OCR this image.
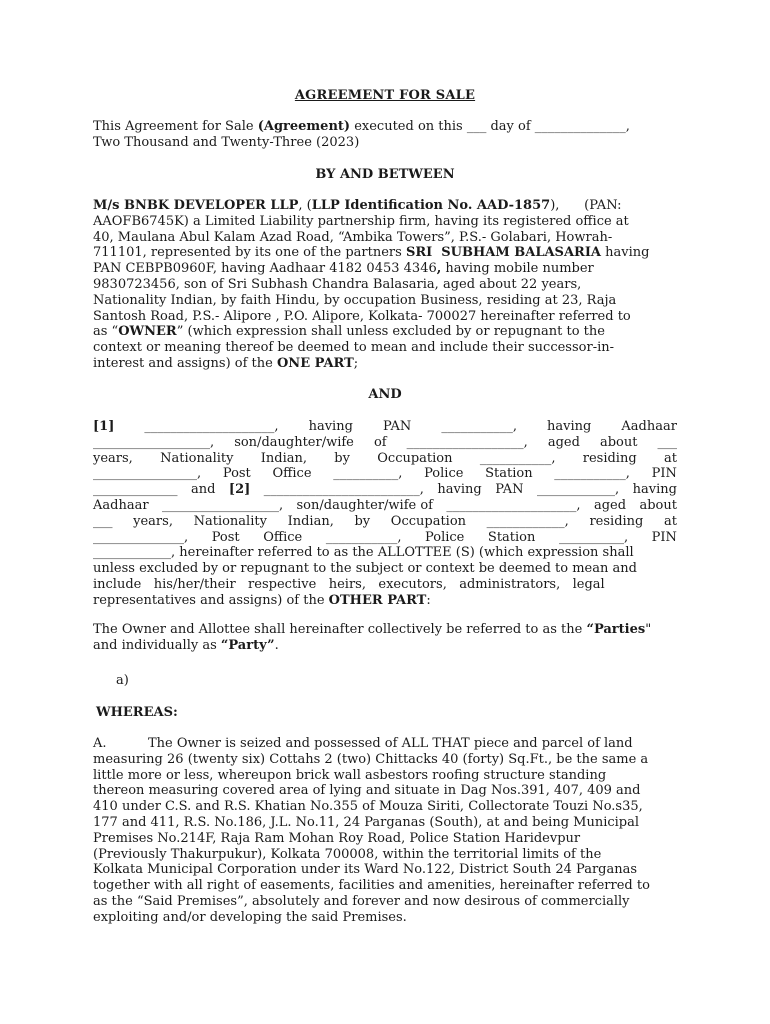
AGREEMENT FOR SALE
This Agreement for Sale (Agreement) executed on this ___ day of ______________,
Two Thousand and Twenty-Three (2023)
BY AND BETWEEN
M/s BNBK DEVELOPER LLP, (LLP Identification No. AAD-1857),      (PAN:
AAOFB6745K) a Limited Liability partnership firm, having its registered office at
40, Maulana Abul Kalam Azad Road, “Ambika Towers”, P.S.- Golabari, Howrah-
711101, represented by its one of the partners SRI  SUBHAM BALASARIA having
PAN CEBPB0960F, having Aadhaar 4182 0453 4346, having mobile number
9830723456, son of Sri Subhash Chandra Balasaria, aged about 22 years,
Nationality Indian, by faith Hindu, by occupation Business, residing at 23, Raja
Santosh Road, P.S.- Alipore , P.O. Alipore, Kolkata- 700027 hereinafter referred to
as “OWNER” (which expression shall unless excluded by or repugnant to the
context or meaning thereof be deemed to mean and include their successor-in-
interest and assigns) of the ONE PART;
AND
[1] ____________________, having PAN ___________, having Aadhaar
__________________, son/daughter/wife of __________________, aged about ___
years, Nationality Indian, by Occupation ___________, residing at
________________, Post Office __________, Police Station ___________, PIN
_____________ and [2] ________________________, having PAN ____________, having
Aadhaar __________________, son/daughter/wife of ____________________, aged about
___ years, Nationality Indian, by Occupation ____________, residing at
______________, Post Office ___________, Police Station __________, PIN
____________, hereinafter referred to as the ALLOTTEE (S) (which expression shall
unless excluded by or repugnant to the subject or context be deemed to mean and
include   his/her/their   respective   heirs,   executors,   administrators,   legal
representatives and assigns) of the OTHER PART:
The Owner and Allottee shall hereinafter collectively be referred to as the “Parties"
and individually as “Party”.
a)
WHEREAS:
A.	The Owner is seized and possessed of ALL THAT piece and parcel of land
measuring 26 (twenty six) Cottahs 2 (two) Chittacks 40 (forty) Sq.Ft., be the same a
little more or less, whereupon brick wall asbestors roofing structure standing
thereon measuring covered area of lying and situate in Dag Nos.391, 407, 409 and
410 under C.S. and R.S. Khatian No.355 of Mouza Siriti, Collectorate Touzi No.s35,
177 and 411, R.S. No.186, J.L. No.11, 24 Parganas (South), at and being Municipal
Premises No.214F, Raja Ram Mohan Roy Road, Police Station Haridevpur
(Previously Thakurpukur), Kolkata 700008, within the territorial limits of the
Kolkata Municipal Corporation under its Ward No.122, District South 24 Parganas
together with all right of easements, facilities and amenities, hereinafter referred to
as the “Said Premises”, absolutely and forever and now desirous of commercially
exploiting and/or developing the said Premises.
